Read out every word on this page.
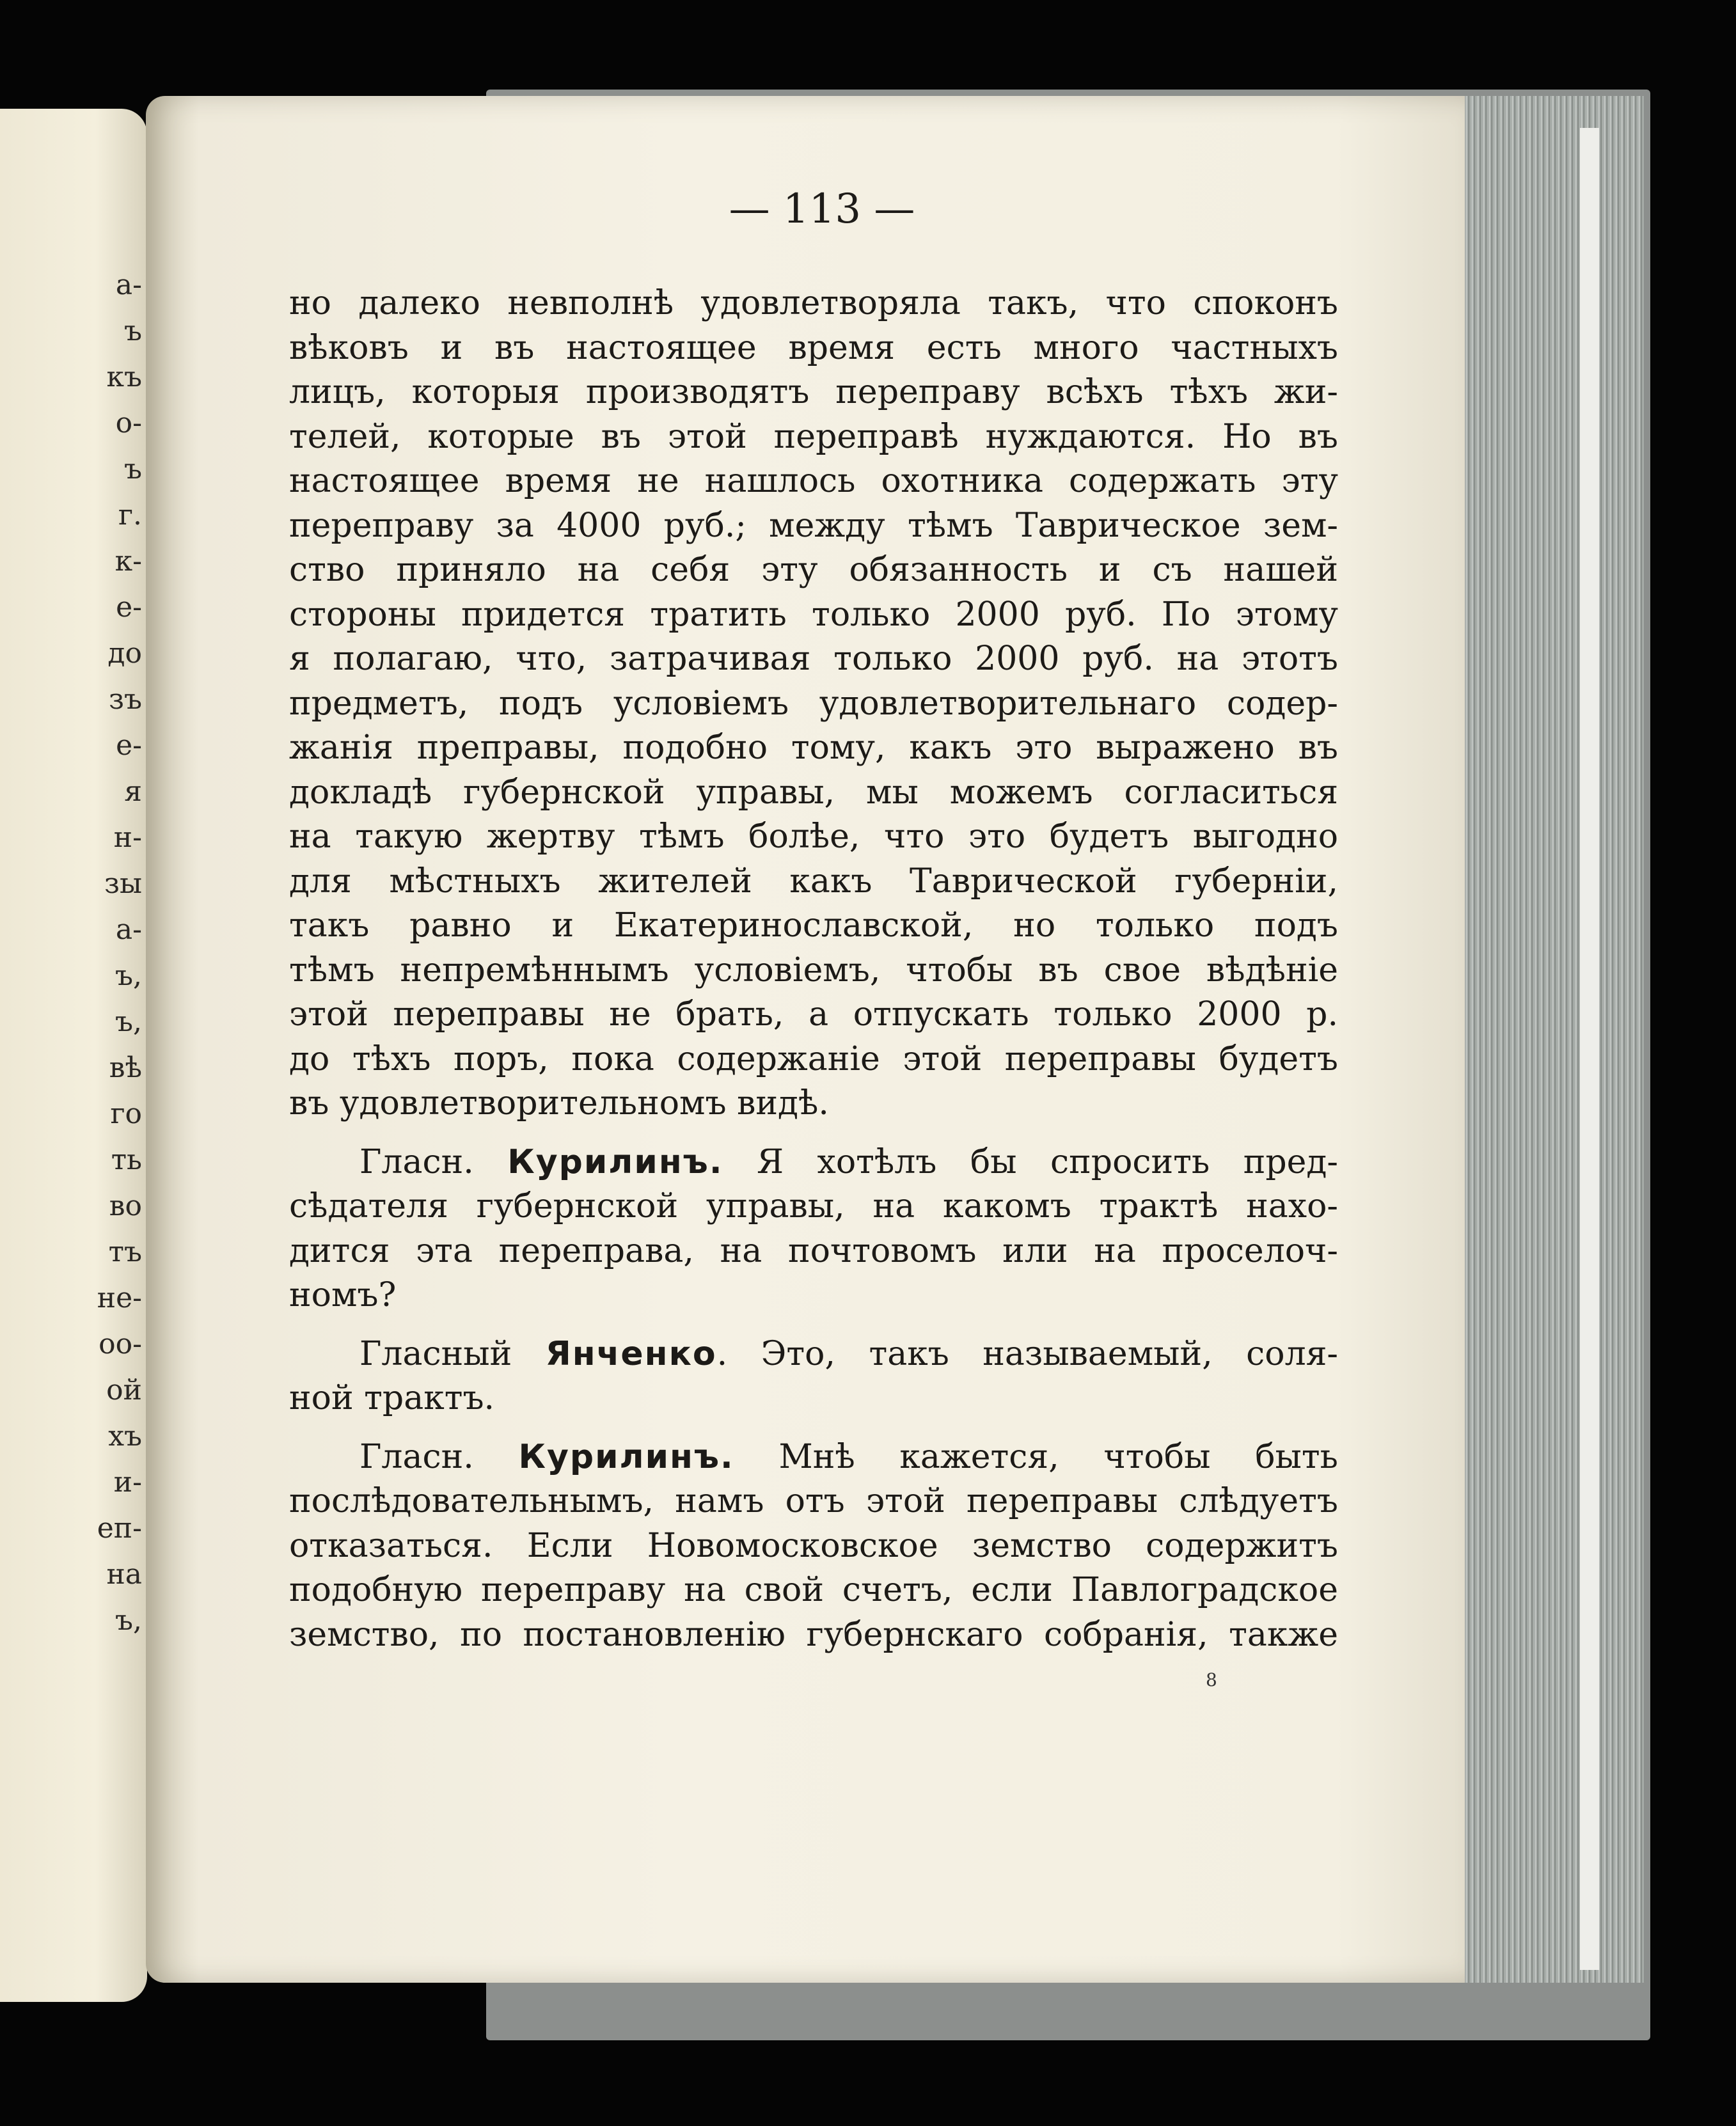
а-
ъ
къ
о-
ъ
г.
к-
е-
до
зъ
е-
я
н-
зы
а-
ъ,
ъ,
вѣ
го
ть
во
тъ
не-
оо-
ой
хъ
и-
еп-
на
ъ,
— 113 —
но далеко невполнѣ удовлетворяла такъ, что споконъ
вѣковъ и въ настоящее время есть много частныхъ
лицъ, которыя производятъ переправу всѣхъ тѣхъ жи-
телей, которые въ этой переправѣ нуждаются. Но въ
настоящее время не нашлось охотника содержать эту
переправу за 4000 руб.; между тѣмъ Таврическое зем-
ство приняло на себя эту обязанность и съ нашей
стороны придется тратить только 2000 руб. По этому
я полагаю, что, затрачивая только 2000 руб. на этотъ
предметъ, подъ условіемъ удовлетворительнаго содер-
жанія преправы, подобно тому, какъ это выражено въ
докладѣ губернской управы, мы можемъ согласиться
на такую жертву тѣмъ болѣе, что это будетъ выгодно
для мѣстныхъ жителей какъ Таврической губерніи,
такъ равно и Екатеринославской, но только подъ
тѣмъ непремѣннымъ условіемъ, чтобы въ свое вѣдѣніе
этой переправы не брать, а отпускать только 2000 р.
до тѣхъ поръ, пока содержаніе этой переправы будетъ
въ удовлетворительномъ видѣ.
Гласн. Курилинъ. Я хотѣлъ бы спросить пред-
сѣдателя губернской управы, на какомъ трактѣ нахо-
дится эта переправа, на почтовомъ или на проселоч-
номъ?
Гласный Янченко. Это, такъ называемый, соля-
ной трактъ.
Гласн. Курилинъ. Мнѣ кажется, чтобы быть
послѣдовательнымъ, намъ отъ этой переправы слѣдуетъ
отказаться. Если Новомосковское земство содержитъ
подобную переправу на свой счетъ, если Павлоградское
земство, по постановленію губернскаго собранія, также
8
